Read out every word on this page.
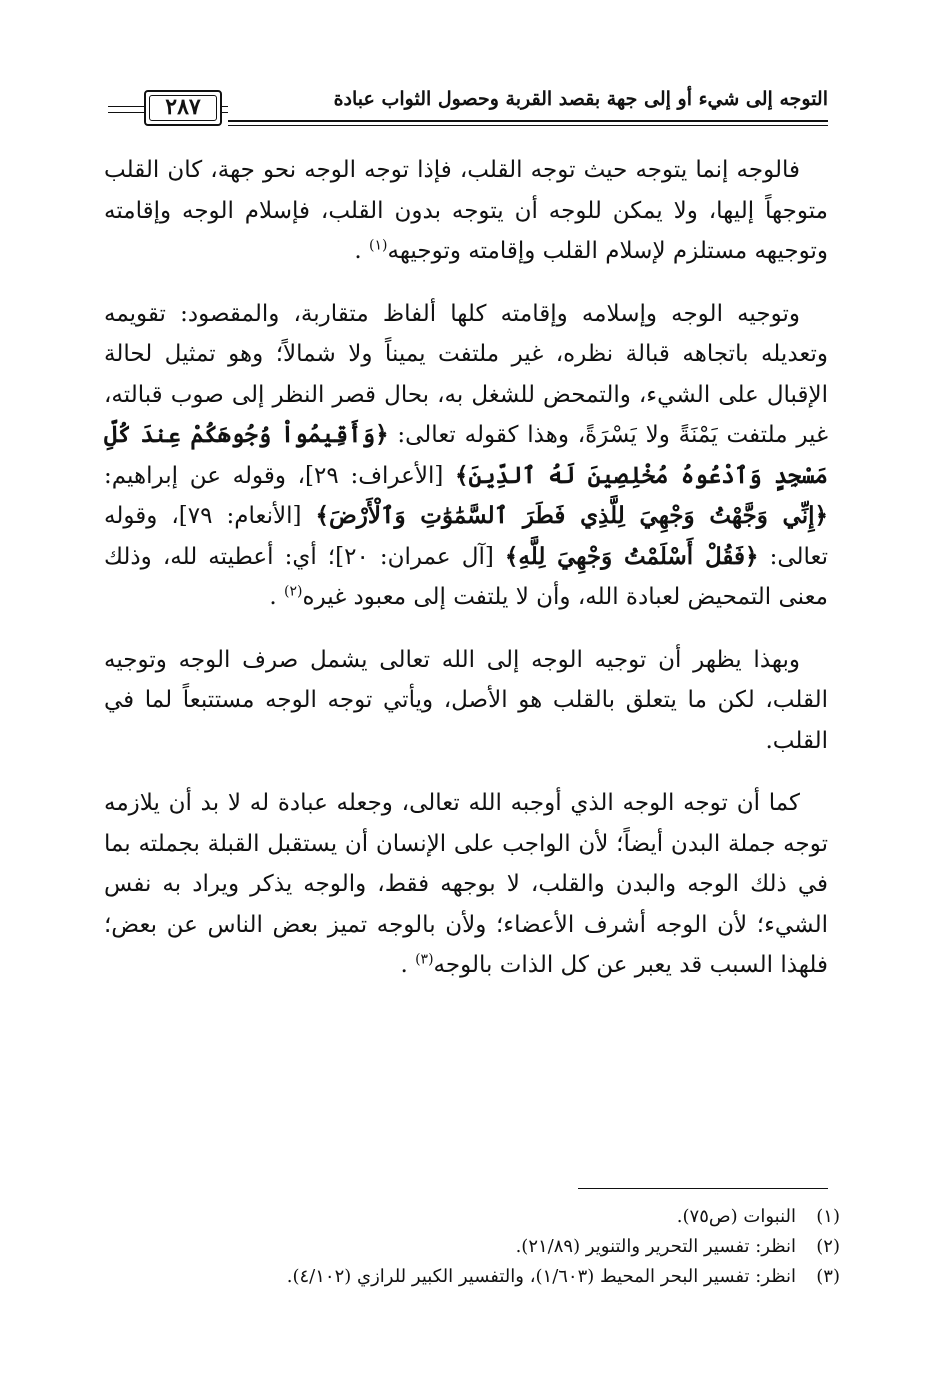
التوجه إلى شيء أو إلى جهة بقصد القربة وحصول الثواب عبادة
٢٨٧

فالوجه إنما يتوجه حيث توجه القلب، فإذا توجه الوجه نحو جهة، كان القلب متوجهاً إليها، ولا يمكن للوجه أن يتوجه بدون القلب، فإسلام الوجه وإقامته وتوجيهه مستلزم لإسلام القلب وإقامته وتوجيهه$^{(١)}$ .

وتوجيه الوجه وإسلامه وإقامته كلها ألفاظ متقاربة، والمقصود: تقويمه وتعديله باتجاهه قبالة نظره، غير ملتفت يميناً ولا شمالاً؛ وهو تمثيل لحالة الإقبال على الشيء، والتمحض للشغل به، بحال قصر النظر إلى صوب قبالته، غير ملتفت يَمْنَةً ولا يَسْرَةً، وهذا كقوله تعالى: ﴿وَأَقِيمُواْ وُجُوهَكُمْ عِندَ كُلِّ مَسْجِدٍ وَٱدْعُوهُ مُخْلِصِينَ لَهُ ٱلدِّينَ﴾ [الأعراف: ٢٩]، وقوله عن إبراهيم: ﴿إِنِّي وَجَّهْتُ وَجْهِيَ لِلَّذِي فَطَرَ ٱلسَّمَٰوَٰتِ وَٱلْأَرْضَ﴾ [الأنعام: ٧٩]، وقوله تعالى: ﴿فَقُلْ أَسْلَمْتُ وَجْهِيَ لِلَّهِ﴾ [آل عمران: ٢٠]؛ أي: أعطيته لله، وذلك معنى التمحيض لعبادة الله، وأن لا يلتفت إلى معبود غيره$^{(٢)}$ .

وبهذا يظهر أن توجيه الوجه إلى الله تعالى يشمل صرف الوجه وتوجيه القلب، لكن ما يتعلق بالقلب هو الأصل، ويأتي توجه الوجه مستتبعاً لما في القلب.

كما أن توجه الوجه الذي أوجبه الله تعالى، وجعله عبادة له لا بد أن يلازمه توجه جملة البدن أيضاً؛ لأن الواجب على الإنسان أن يستقبل القبلة بجملته بما في ذلك الوجه والبدن والقلب، لا بوجهه فقط، والوجه يذكر ويراد به نفس الشيء؛ لأن الوجه أشرف الأعضاء؛ ولأن بالوجه تميز بعض الناس عن بعض؛ فلهذا السبب قد يعبر عن كل الذات بالوجه$^{(٣)}$ .

(١)النبوات (ص٧٥).
(٢)انظر: تفسير التحرير والتنوير (٢١/٨٩).
(٣)انظر: تفسير البحر المحيط (١/٦٠٣)، والتفسير الكبير للرازي (٤/١٠٢).
